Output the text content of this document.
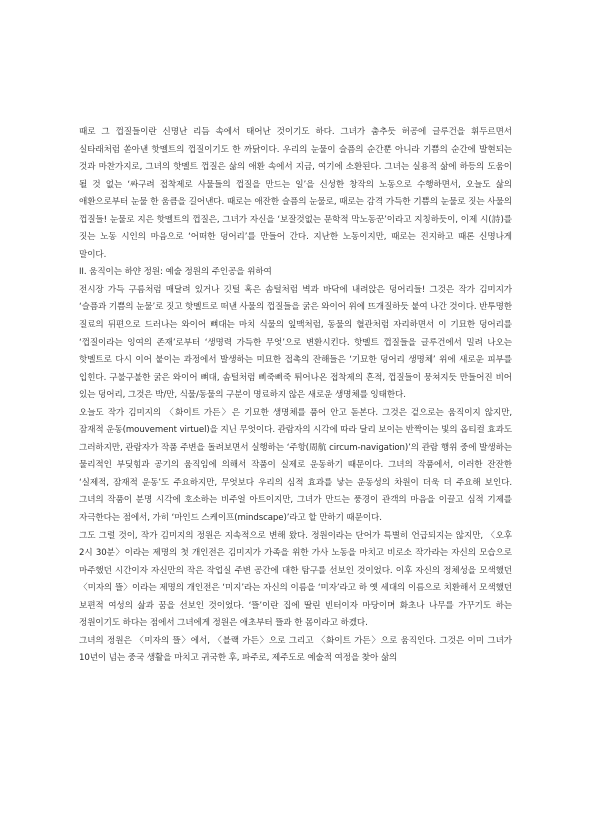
때로 그 껍질들이란 신명난 리듬 속에서 태어난 것이기도 하다. 그녀가 춤추듯 허공에 글루건을 휘두르면서 실타래처럼 쏟아낸 핫멜트의 껍질이기도 한 까닭이다. 우리의 눈물이 슬픔의 순간뿐 아니라 기쁨의 순간에 발현되는 것과 마찬가지로, 그녀의 핫멜트 껍질은 삶의 애환 속에서 지금, 여기에 소환된다. 그녀는 실용적 삶에 하등의 도움이 될 것 없는 ‘싸구려 접착제로 사물들의 껍질을 만드는 일’을 신성한 창작의 노동으로 수행하면서, 오늘도 삶의 애환으로부터 눈물 한 움큼을 길어낸다. 때로는 애잔한 슬픔의 눈물로, 때로는 감격 가득한 기쁨의 눈물로 짓는 사물의 껍질들! 눈물로 지은 핫멜트의 껍질은, 그녀가 자신을 ‘보잘것없는 문학적 막노동꾼’이라고 지칭하듯이, 이제 시(詩)를 짓는 노동 시인의 마음으로 ‘어떠한 덩어리’를 만들어 간다. 지난한 노동이지만, 때로는 진지하고 때론 신명나게 말이다.

II. 움직이는 하얀 정원: 예술 정원의 주인공을 위하여

전시장 가득 구름처럼 매달려 있거나 깃털 혹은 솜털처럼 벽과 바닥에 내려앉은 덩어리들! 그것은 작가 김미지가 ‘슬픔과 기쁨의 눈물’로 짓고 핫멜트로 떠낸 사물의 껍질들을 굵은 와이어 위에 뜨개질하듯 붙여 나간 것이다. 반투명한 질료의 뒤편으로 드러나는 와이어 뼈대는 마치 식물의 잎맥처럼, 동물의 혈관처럼 자리하면서 이 기묘한 덩어리를 ‘껍질이라는 잉여의 존재’로부터 ‘생명력 가득한 무엇’으로 변환시킨다. 핫멜트 껍질들을 글루건에서 밀려 나오는 핫멜트로 다시 이어 붙이는 과정에서 발생하는 미묘한 접촉의 잔해들은 ‘기묘한 덩어리 생명체’ 위에 새로운 피부를 입힌다. 구불구불한 굵은 와이어 뼈대, 솜털처럼 삐죽삐죽 튀어나온 접착제의 흔적, 껍질들이 뭉쳐지듯 만들어진 비어 있는 덩어리, 그것은 박/만, 식물/동물의 구분이 명료하지 않은 새로운 생명체를 잉태한다.

오늘도 작가 김미지의 〈화이트 가든〉은 기묘한 생명체를 품어 안고 돋본다. 그것은 겉으로는 움직이지 않지만, 잠재적 운동(mouvement virtuel)을 지닌 무엇이다. 관람자의 시각에 따라 달리 보이는 반짝이는 빛의 옵티컬 효과도 그러하지만, 관람자가 작품 주변을 돌려보면서 실행하는 ‘주항(周航 circum-navigation)’의 관람 행위 중에 발생하는 물리적인 부딪힘과 공기의 움직임에 의해서 작품이 실제로 운동하기 때문이다. 그녀의 작품에서, 이러한 잔잔한 ‘실제적, 잠재적 운동’도 주요하지만, 무엇보다 우리의 심적 효과를 낳는 운동성의 차원이 더욱 더 주요해 보인다. 그녀의 작품이 분명 시각에 호소하는 비주얼 아트이지만, 그녀가 만드는 풍경이 관객의 마음을 이끌고 심적 기제를 자극한다는 점에서, 가히 ‘마인드 스케이프(mindscape)’라고 할 만하기 때문이다.

그도 그럴 것이, 작가 김미지의 정원은 지속적으로 변해 왔다. 정원이라는 단어가 특별히 언급되지는 않지만, 〈오후 2시 30분〉이라는 제명의 첫 개인전은 김미지가 가족을 위한 가사 노동을 마치고 비로소 작가라는 자신의 모습으로 마주했던 시간이자 자신만의 작은 작업실 주변 공간에 대한 탐구를 선보인 것이었다. 이후 자신의 정체성을 모색했던 〈미자의 뜰〉이라는 제명의 개인전은 ‘미지’라는 자신의 이름을 ‘미자’라고 하 옛 세대의 이름으로 치환해서 모색했던 보편적 여성의 삶과 꿈을 선보인 것이었다. ‘뜰’이란 집에 딸린 빈터이자 마당이며 화초나 나무를 가꾸기도 하는 정원이기도 하다는 점에서 그녀에게 정원은 애초부터 뜰과 한 몸이라고 하겠다.

그녀의 정원은 〈미자의 뜰〉에서, 〈블랙 가든〉으로 그리고 〈화이트 가든〉으로 움직인다. 그것은 이미 그녀가 10년이 넘는 중국 생활을 마치고 귀국한 후, 파주로, 제주도로 예술적 여정을 찾아 삶의
